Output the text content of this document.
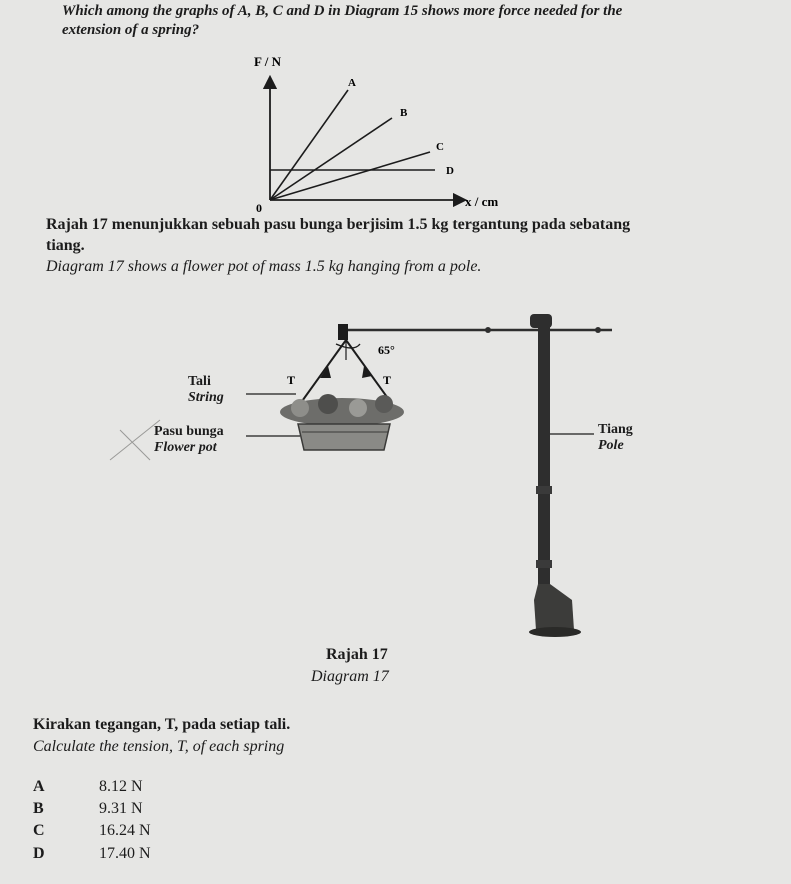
Which among the graphs of A, B, C and D in Diagram 15 shows more force needed for the
extension of a spring?
F / N
x / cm
0
A
B
C
D
Rajah 17 menunjukkan sebuah pasu bunga berjisim 1.5 kg tergantung pada sebatang
tiang.
Diagram 17 shows a flower pot of mass 1.5 kg hanging from a pole.
65°
T	T
Tali
String
Pasu bunga
Flower pot
Tiang
Pole
Rajah 17
Diagram 17
Kirakan tegangan, T, pada setiap tali.
Calculate the tension, T, of each spring
A	8.12 N
B	9.31 N
C	16.24 N
D	17.40 N
